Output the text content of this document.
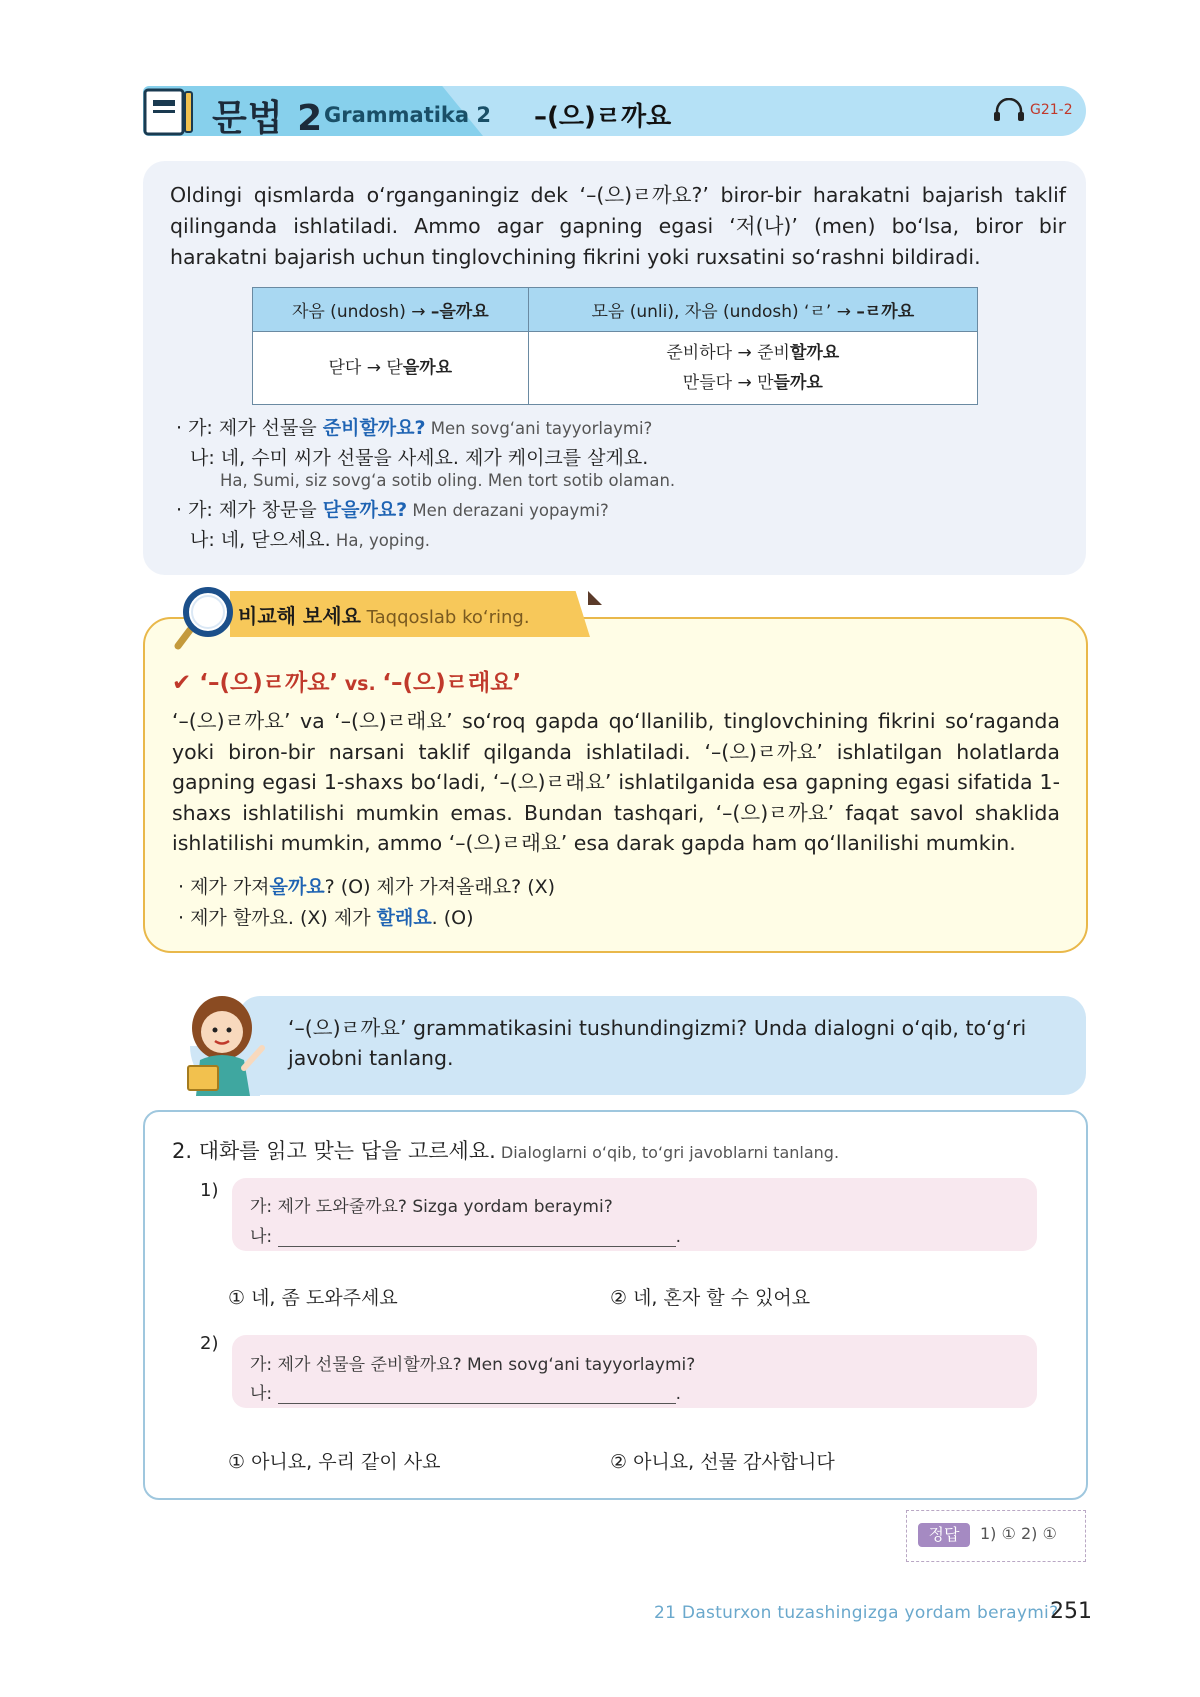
문법 2 Grammatika 2 –(으)ㄹ까요	G21-2
Oldingi qismlarda o‘rganganingiz dek ‘–(으)ㄹ까요?’ biror-bir harakatni bajarish taklif qilinganda ishlatiladi. Ammo agar gapning egasi ‘저(나)’ (men) bo‘lsa, biror bir harakatni bajarish uchun tinglovchining fikrini yoki ruxsatini so‘rashni bildiradi.
자음 (undosh) → –을까요	모음 (unli), 자음 (undosh) ‘ㄹ’ → –ㄹ까요
닫다 → 닫을까요	준비하다 → 준비할까요
만들다 → 만들까요
· 가: 제가 선물을 준비할까요? Men sovg‘ani tayyorlaymi?
나: 네, 수미 씨가 선물을 사세요. 제가 케이크를 살게요.
Ha, Sumi, siz sovg‘a sotib oling. Men tort sotib olaman.
· 가: 제가 창문을 닫을까요? Men derazani yopaymi?
나: 네, 닫으세요. Ha, yoping.
비교해 보세요 Taqqoslab ko‘ring.
✔ ‘–(으)ㄹ까요’ vs. ‘–(으)ㄹ래요’
‘–(으)ㄹ까요’ va ‘–(으)ㄹ래요’ so‘roq gapda qo‘llanilib, tinglovchining fikrini so‘raganda yoki biron-bir narsani taklif qilganda ishlatiladi. ‘–(으)ㄹ까요’ ishlatilgan holatlarda gapning egasi 1-shaxs bo‘ladi, ‘–(으)ㄹ래요’ ishlatilganida esa gapning egasi sifatida 1-shaxs ishlatilishi mumkin emas. Bundan tashqari, ‘–(으)ㄹ까요’ faqat savol shaklida ishlatilishi mumkin, ammo ‘–(으)ㄹ래요’ esa darak gapda ham qo‘llanilishi mumkin.
· 제가 가져올까요? (O) 제가 가져올래요? (X)
· 제가 할까요. (X) 제가 할래요. (O)
‘–(으)ㄹ까요’ grammatikasini tushundingizmi? Unda dialogni o‘qib, to‘g‘ri javobni tanlang.
2. 대화를 읽고 맞는 답을 고르세요. Dialoglarni o‘qib, to‘gri javoblarni tanlang.
1)
가: 제가 도와줄까요? Sizga yordam beraymi?
나:	.
① 네, 좀 도와주세요	② 네, 혼자 할 수 있어요
2)
가: 제가 선물을 준비할까요? Men sovg‘ani tayyorlaymi?
나:	.
① 아니요, 우리 같이 사요	② 아니요, 선물 감사합니다
정답	1) ① 2) ①
21 Dasturxon tuzashingizga yordam beraymi?
251
